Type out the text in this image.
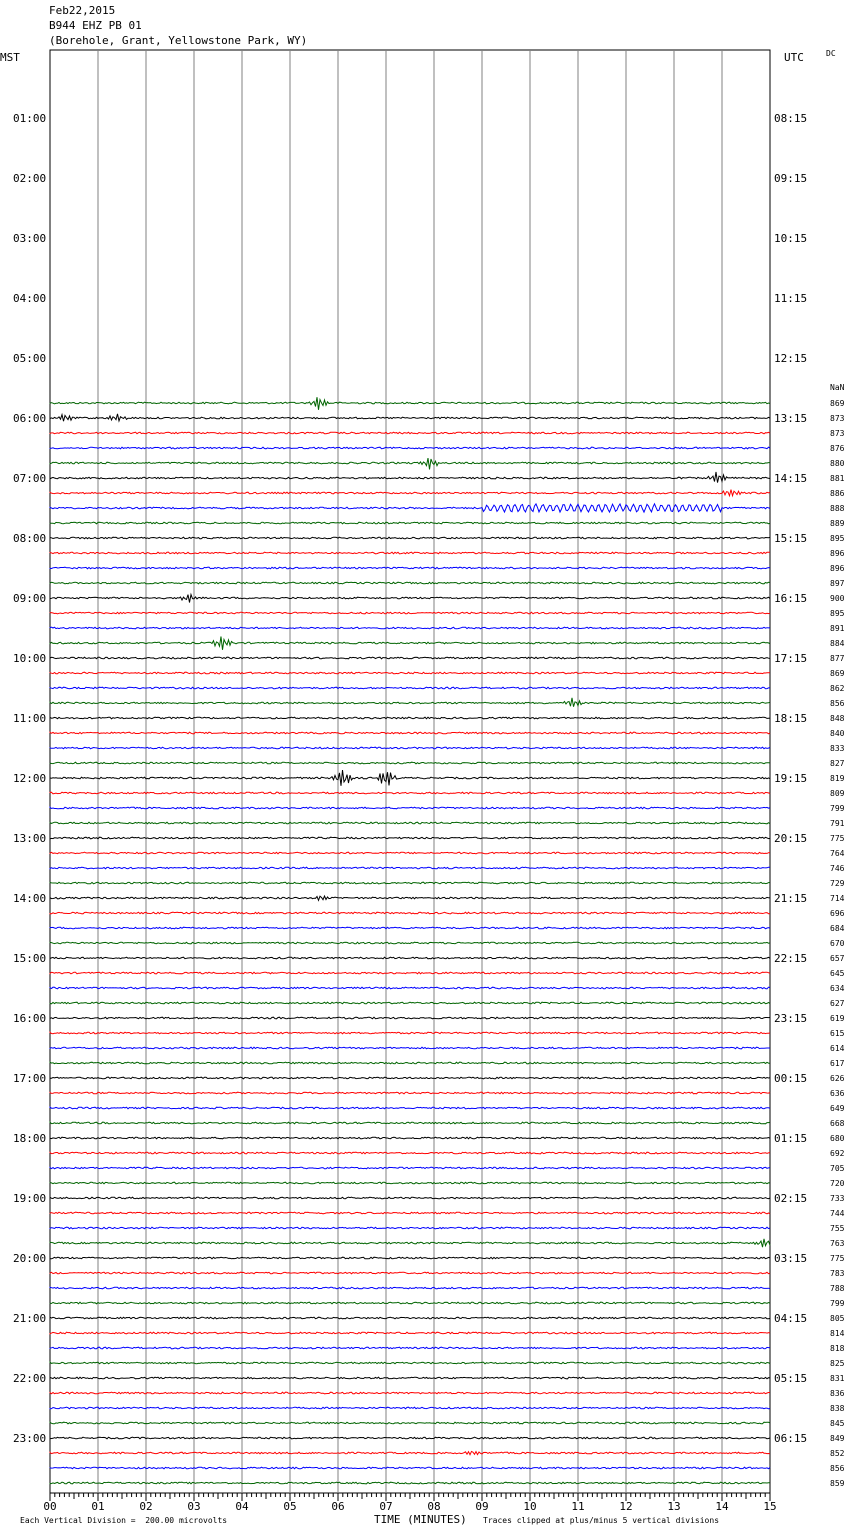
Feb22,2015
B944 EHZ PB 01
(Borehole, Grant, Yellowstone Park, WY)
MST	UTC	DC
NaN
01:00
02:00
03:00
04:00
05:00
06:00
07:00
08:00
09:00
10:00
11:00
12:00
13:00
14:00
15:00
16:00
17:00
18:00
19:00
20:00
21:00
22:00
23:00
08:15
09:15
10:15
11:15
12:15
13:15
14:15
15:15
16:15
17:15
18:15
19:15
20:15
21:15
22:15
23:15
00:15
01:15
02:15
03:15
04:15
05:15
06:15
00	01	02	03	04	05	06	07	08	09	10	11	12	13	14	15
869
873
873
876
880
881
886
888
889
895
896
896
897
900
895
891
884
877
869
862
856
848
840
833
827
819
809
799
791
775
764
746
729
714
696
684
670
657
645
634
627
619
615
614
617
626
636
649
668
680
692
705
720
733
744
755
763
775
783
788
799
805
814
818
825
831
836
838
845
849
852
856
859
TIME (MINUTES)
Each Vertical Division =  200.00 microvolts	Traces clipped at plus/minus 5 vertical divisions
